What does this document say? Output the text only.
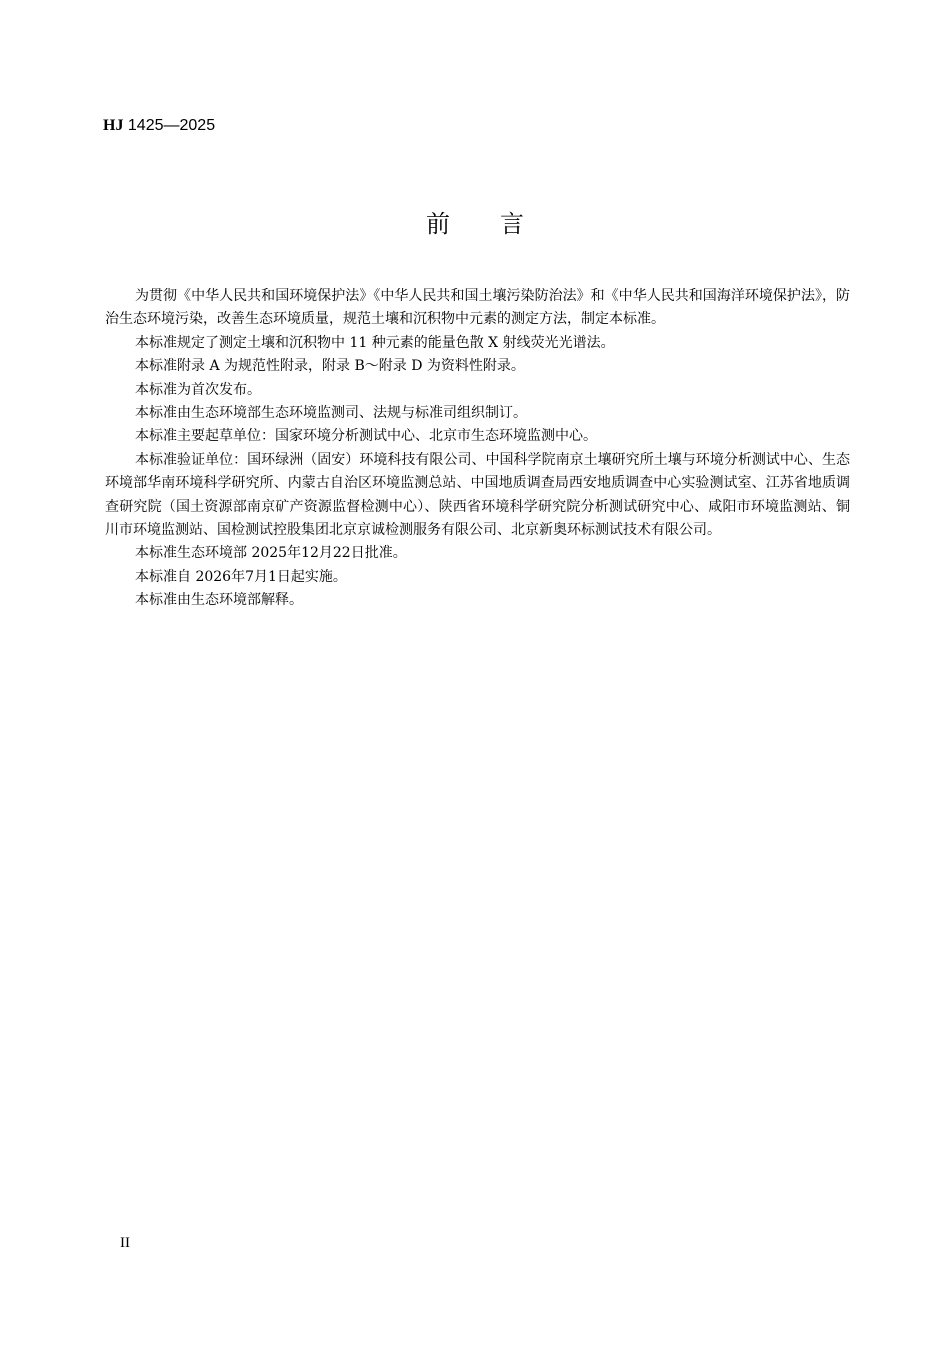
HJ 1425—2025
前 言

为贯彻《中华人民共和国环境保护法》《中华人民共和国土壤污染防治法》和《中华人民共和国海洋环境保护法》，防治生态环境污染，改善生态环境质量，规范土壤和沉积物中元素的测定方法，制定本标准。

本标准规定了测定土壤和沉积物中 11 种元素的能量色散 X 射线荧光光谱法。

本标准附录 A 为规范性附录，附录 B～附录 D 为资料性附录。

本标准为首次发布。

本标准由生态环境部生态环境监测司、法规与标准司组织制订。

本标准主要起草单位：国家环境分析测试中心、北京市生态环境监测中心。

本标准验证单位：国环绿洲（固安）环境科技有限公司、中国科学院南京土壤研究所土壤与环境分析测试中心、生态环境部华南环境科学研究所、内蒙古自治区环境监测总站、中国地质调查局西安地质调查中心实验测试室、江苏省地质调查研究院（国土资源部南京矿产资源监督检测中心）、陕西省环境科学研究院分析测试研究中心、咸阳市环境监测站、铜川市环境监测站、国检测试控股集团北京京诚检测服务有限公司、北京新奥环标测试技术有限公司。

本标准生态环境部 2025年12月22日批准。

本标准自 2026年7月1日起实施。

本标准由生态环境部解释。

II
